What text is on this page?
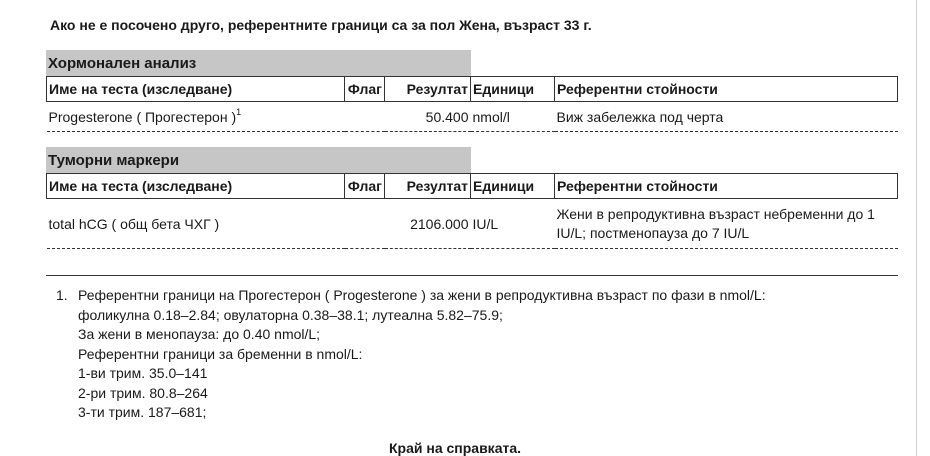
Ако не е посочено друго, референтните граници са за пол Жена, възраст 33 г.
Хормонален анализ
Име на теста (изследване)	Флаг	Резултат	Единици	Референтни стойности
Progesterone ( Прогестерон )$^1$		50.400	nmol/l	Виж забележка под черта
Туморни маркери
Име на теста (изследване)	Флаг	Резултат	Единици	Референтни стойности
total hCG ( общ бета ЧХГ )		2106.000	IU/L	Жени в репродуктивна възраст небременни до 1 IU/L; постменопауза до 7 IU/L
1. Референтни граници на Прогестерон ( Progesterone ) за жени в репродуктивна възраст по фази в nmol/L:
фоликулна 0.18–2.84; овулаторна 0.38–38.1; лутеална 5.82–75.9;
За жени в менопауза: до 0.40 nmol/L;
Референтни граници за бременни в nmol/L:
1-ви трим. 35.0–141
2-ри трим. 80.8–264
3-ти трим. 187–681;
Край на справката.
